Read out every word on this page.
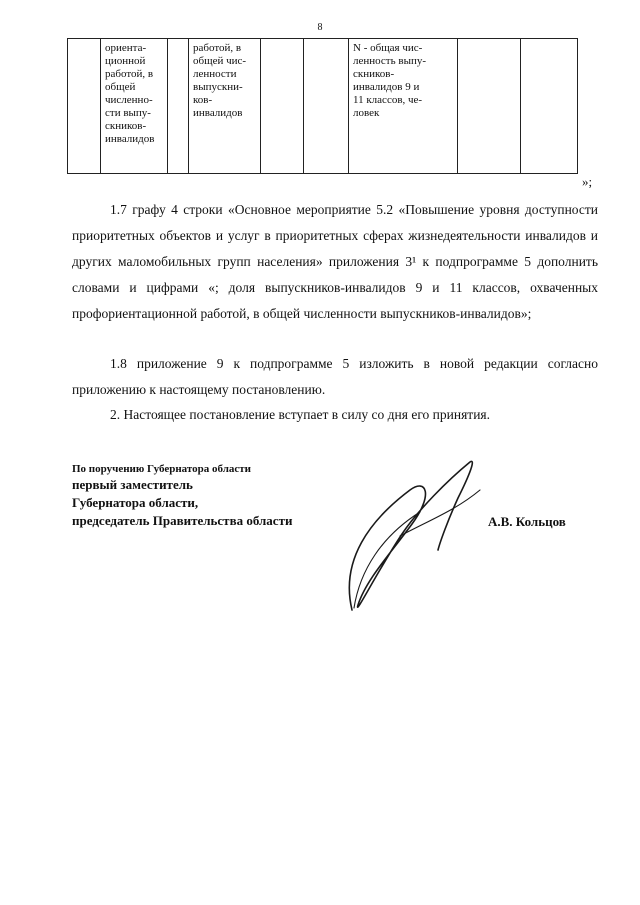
8
	ориента-
ционной
работой, в
общей
численно-
сти выпу-
скников-
инвалидов		работой, в
общей чис-
ленности
выпускни-
ков-
инвалидов			N - общая чис-
ленность выпу-
скников-
инвалидов 9 и
11 классов, че-
ловек		
»;

1.7 графу 4 строки «Основное мероприятие 5.2 «Повышение уровня доступности приоритетных объектов и услуг в приоритетных сферах жизнедеятельности инвалидов и других маломобильных групп населения» приложения 3¹ к подпрограмме 5 дополнить словами и цифрами «; доля выпускников-инвалидов 9 и 11 классов, охваченных профориентационной работой, в общей численности выпускников-инвалидов»;

1.8 приложение 9 к подпрограмме 5 изложить в новой редакции согласно приложению к настоящему постановлению.

2. Настоящее постановление вступает в силу со дня его принятия.

По поручению Губернатора области
первый заместитель
Губернатора области,
председатель Правительства области	А.В. Кольцов
